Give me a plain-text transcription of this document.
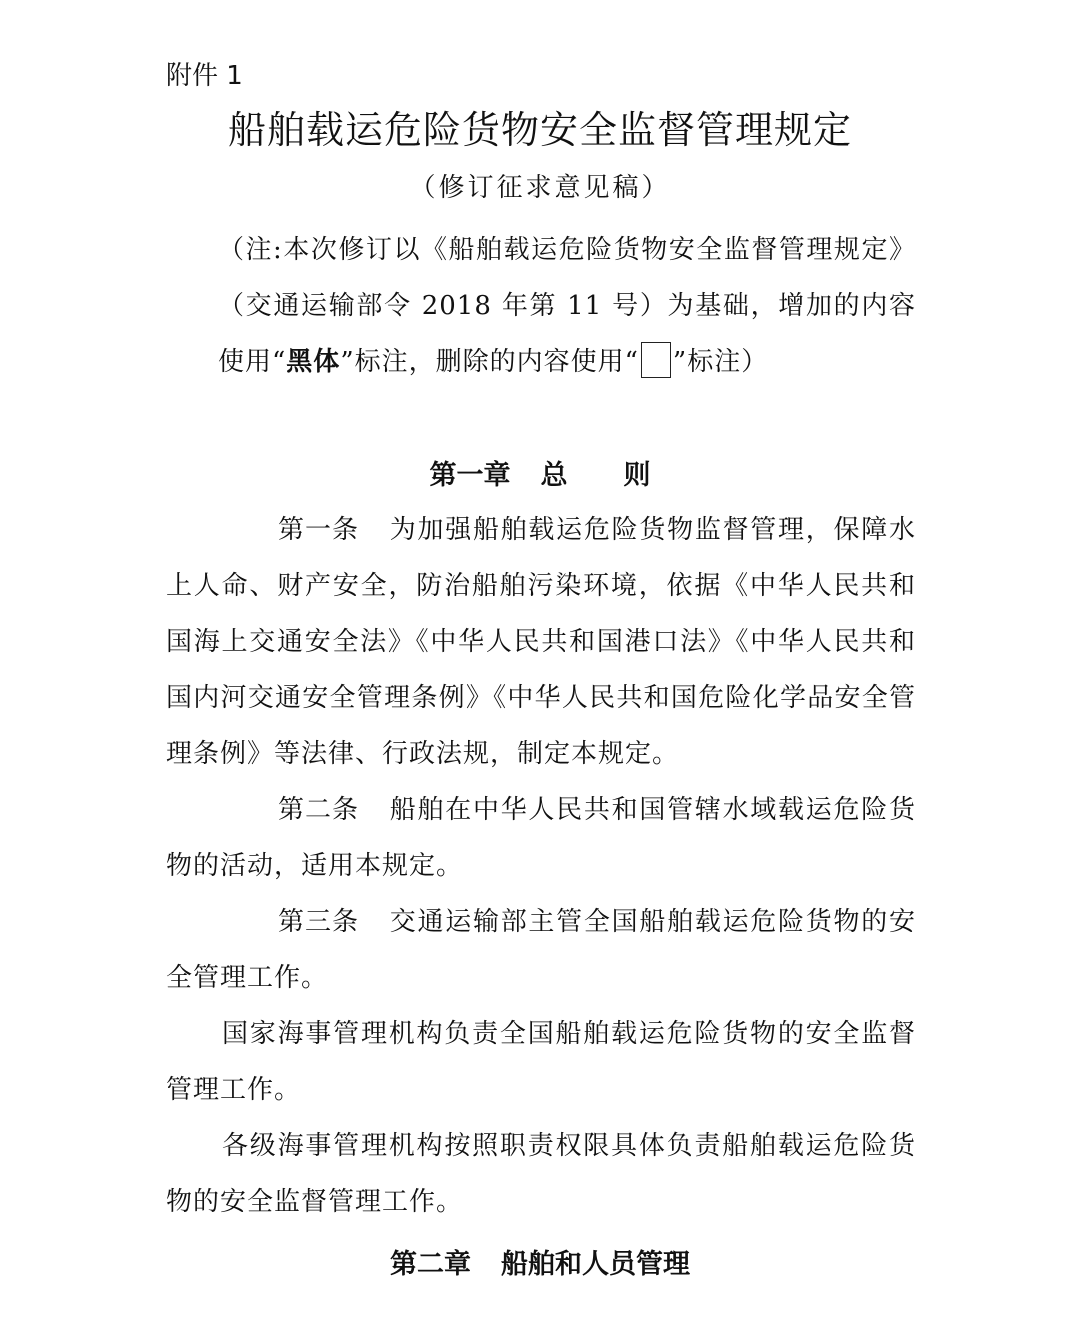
附件 1
船舶载运危险货物安全监督管理规定
（修订征求意见稿）
（注:本次修订以《船舶载运危险货物安全监督管理规定》（交通运输部令 2018 年第 11 号）为基础，增加的内容使用“黑体”标注，删除的内容使用“ ”标注）
第一章 总 则

第一条 为加强船舶载运危险货物监督管理，保障水上人命、财产安全，防治船舶污染环境，依据《中华人民共和国海上交通安全法》《中华人民共和国港口法》《中华人民共和国内河交通安全管理条例》《中华人民共和国危险化学品安全管理条例》等法律、行政法规，制定本规定。

第二条 船舶在中华人民共和国管辖水域载运危险货物的活动，适用本规定。

第三条 交通运输部主管全国船舶载运危险货物的安全管理工作。

国家海事管理机构负责全国船舶载运危险货物的安全监督管理工作。

各级海事管理机构按照职责权限具体负责船舶载运危险货物的安全监督管理工作。

第二章 船舶和人员管理
